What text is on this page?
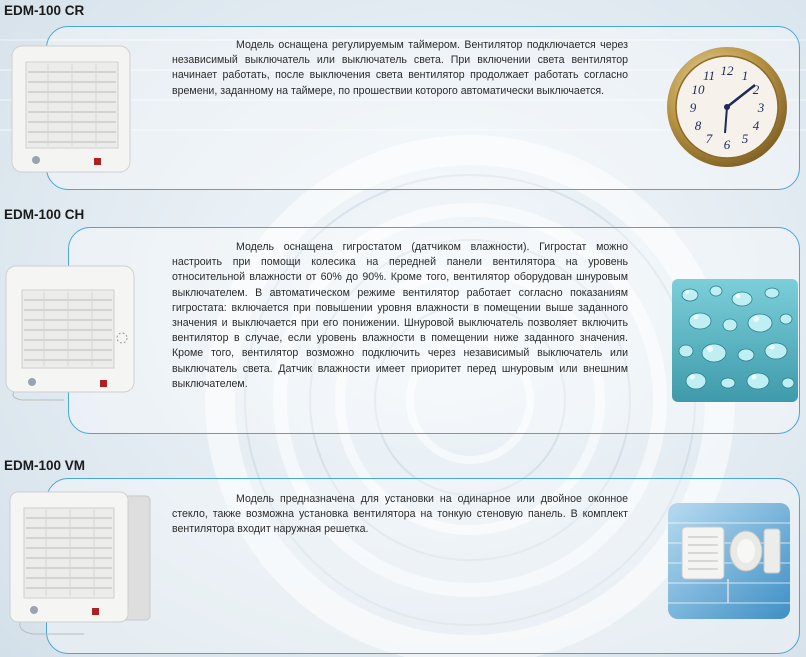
EDM-100 CR

Модель оснащена регулируемым таймером. Вентилятор подключается через независимый выключатель или выключатель света. При включении света вентилятор начинает работать, после выключения света вентилятор продолжает работать согласно времени, заданному на таймере, по прошествии которого автоматически выключается.

12 1
2
3
4
5
6
7
8
9
10
11
EDM-100 CH

Модель оснащена гигростатом (датчиком влажности). Гигростат можно настроить при помощи колесика на передней панели вентилятора на уровень относительной влажности от 60% до 90%. Кроме того, вентилятор оборудован шнуровым выключателем. В автоматическом режиме вентилятор работает согласно показаниям гигростата: включается при повышении уровня влажности в помещении выше заданного значения и выключается при его понижении. Шнуровой выключатель позволяет включить вентилятор в случае, если уровень влажности в помещении ниже заданного значения. Кроме того, вентилятор возможно подключить через независимый выключатель или выключатель света. Датчик влажности имеет приоритет перед шнуровым или внешним выключателем.

EDM-100 VM

Модель предназначена для установки на одинарное или двойное оконное стекло, также возможна установка вентилятора на тонкую стеновую панель. В комплект вентилятора входит наружная решетка.
